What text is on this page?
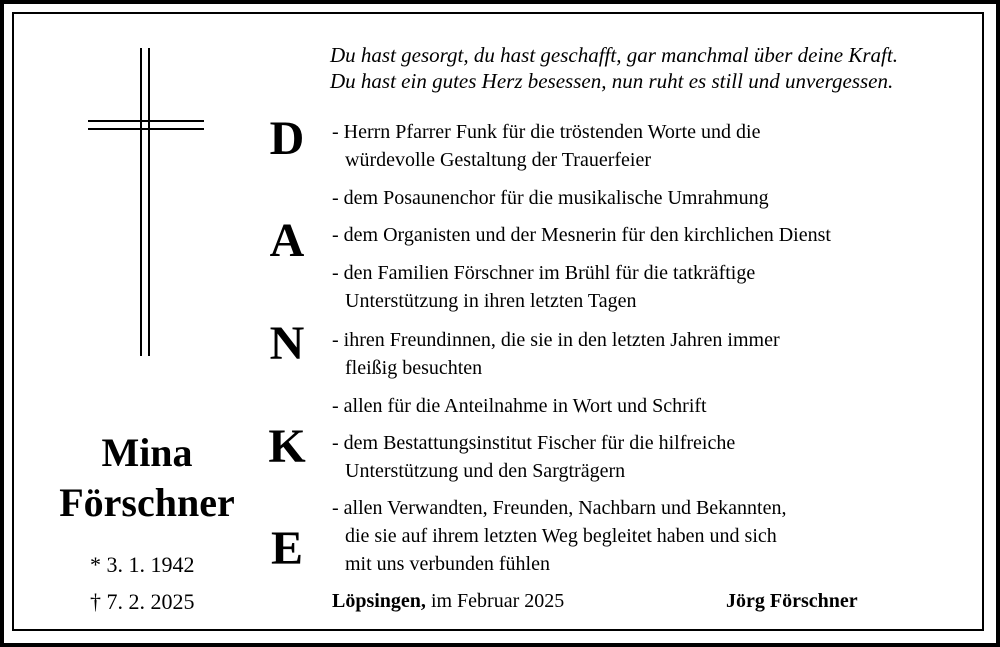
Du hast gesorgt, du hast geschafft, gar manchmal über deine Kraft.
Du hast ein gutes Herz besessen, nun ruht es still und unvergessen.
D
A
N
K
E
- Herrn Pfarrer Funk für die tröstenden Worte und die
würdevolle Gestaltung der Trauerfeier
- dem Posaunenchor für die musikalische Umrahmung
- dem Organisten und der Mesnerin für den kirchlichen Dienst
- den Familien Förschner im Brühl für die tatkräftige
Unterstützung in ihren letzten Tagen
- ihren Freundinnen, die sie in den letzten Jahren immer
fleißig besuchten
- allen für die Anteilnahme in Wort und Schrift
- dem Bestattungsinstitut Fischer für die hilfreiche
Unterstützung und den Sargträgern
- allen Verwandten, Freunden, Nachbarn und Bekannten,
die sie auf ihrem letzten Weg begleitet haben und sich
mit uns verbunden fühlen
Mina
Förschner
* 3. 1. 1942
† 7. 2. 2025	Löpsingen, im Februar 2025	Jörg Förschner
